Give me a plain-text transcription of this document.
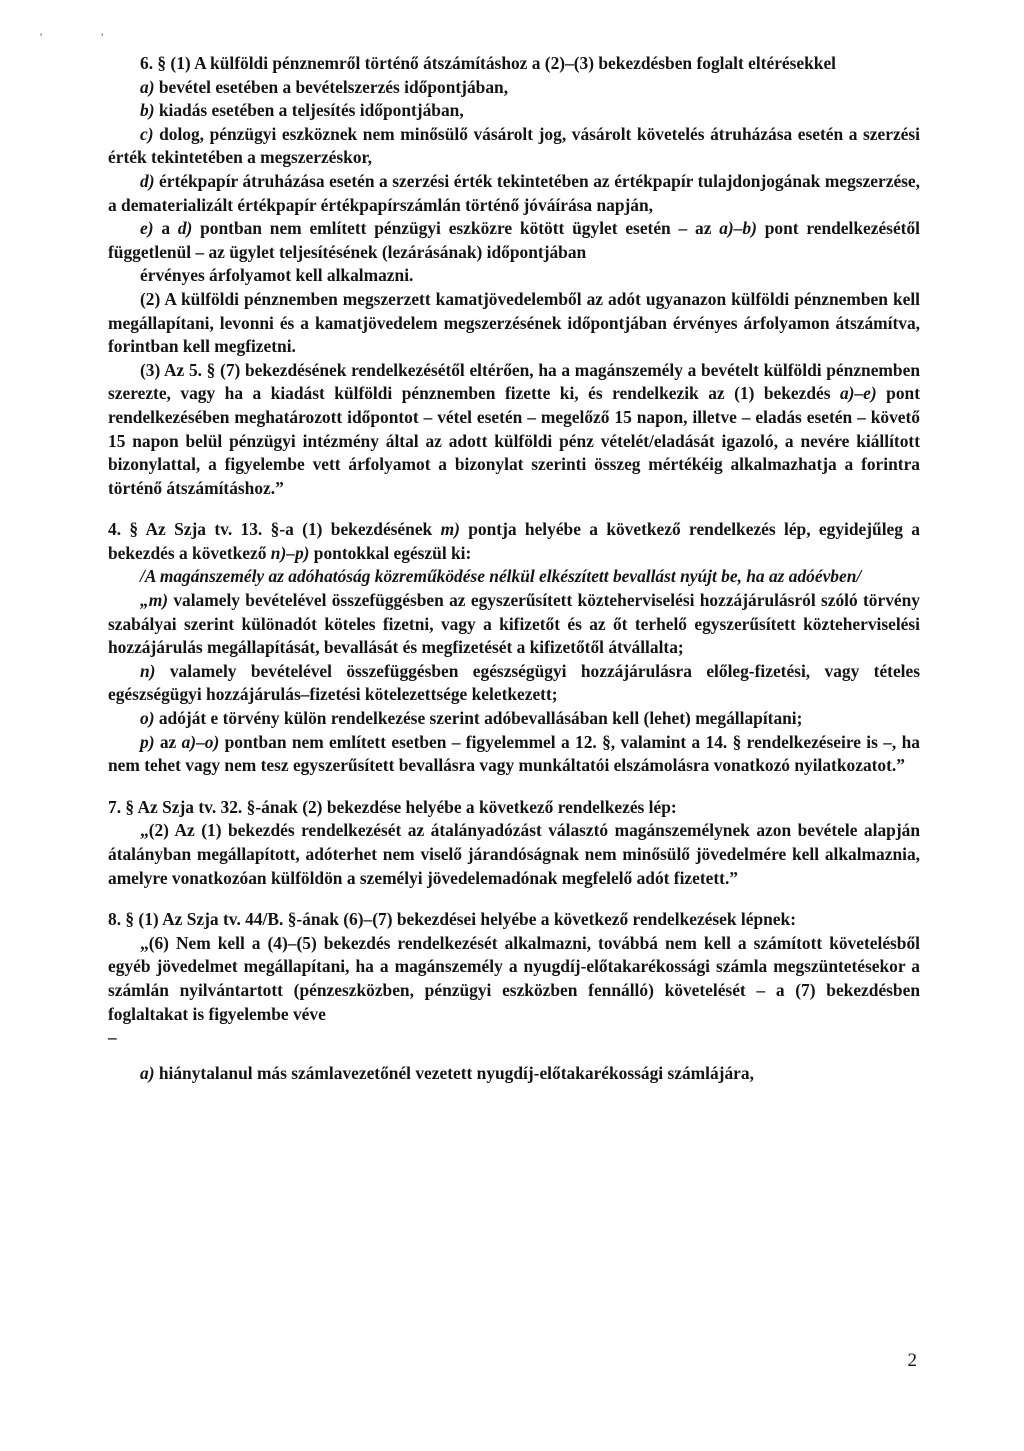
' '

6. § (1) A külföldi pénznemről történő átszámításhoz a (2)–(3) bekezdésben foglalt eltérésekkel

a) bevétel esetében a bevételszerzés időpontjában,

b) kiadás esetében a teljesítés időpontjában,

c) dolog, pénzügyi eszköznek nem minősülő vásárolt jog, vásárolt követelés átruházása esetén a szerzési érték tekintetében a megszerzéskor,

d) értékpapír átruházása esetén a szerzési érték tekintetében az értékpapír tulajdonjogának megszerzése, a dematerializált értékpapír értékpapírszámlán történő jóváírása napján,

e) a d) pontban nem említett pénzügyi eszközre kötött ügylet esetén – az a)–b) pont rendelkezésétől függetlenül – az ügylet teljesítésének (lezárásának) időpontjában

érvényes árfolyamot kell alkalmazni.

(2) A külföldi pénznemben megszerzett kamatjövedelemből az adót ugyanazon külföldi pénznemben kell megállapítani, levonni és a kamatjövedelem megszerzésének időpontjában érvényes árfolyamon átszámítva, forintban kell megfizetni.

(3) Az 5. § (7) bekezdésének rendelkezésétől eltérően, ha a magánszemély a bevételt külföldi pénznemben szerezte, vagy ha a kiadást külföldi pénznemben fizette ki, és rendelkezik az (1) bekezdés a)–e) pont rendelkezésében meghatározott időpontot – vétel esetén – megelőző 15 napon, illetve – eladás esetén – követő 15 napon belül pénzügyi intézmény által az adott külföldi pénz vételét/eladását igazoló, a nevére kiállított bizonylattal, a figyelembe vett árfolyamot a bizonylat szerinti összeg mértékéig alkalmazhatja a forintra történő átszámításhoz.”

4. § Az Szja tv. 13. §-a (1) bekezdésének m) pontja helyébe a következő rendelkezés lép, egyidejűleg a bekezdés a következő n)–p) pontokkal egészül ki:

/A magánszemély az adóhatóság közreműködése nélkül elkészített bevallást nyújt be, ha az adóévben/

„m) valamely bevételével összefüggésben az egyszerűsített közteherviselési hozzájárulásról szóló törvény szabályai szerint különadót köteles fizetni, vagy a kifizetőt és az őt terhelő egyszerűsített közteherviselési hozzájárulás megállapítását, bevallását és megfizetését a kifizetőtől átvállalta;

n) valamely bevételével összefüggésben egészségügyi hozzájárulásra előleg-fizetési, vagy tételes egészségügyi hozzájárulás–fizetési kötelezettsége keletkezett;

o) adóját e törvény külön rendelkezése szerint adóbevallásában kell (lehet) megállapítani;

p) az a)–o) pontban nem említett esetben – figyelemmel a 12. §, valamint a 14. § rendelkezéseire is –, ha nem tehet vagy nem tesz egyszerűsített bevallásra vagy munkáltatói elszámolásra vonatkozó nyilatkozatot.”

7. § Az Szja tv. 32. §-ának (2) bekezdése helyébe a következő rendelkezés lép:

„(2) Az (1) bekezdés rendelkezését az átalányadózást választó magánszemélynek azon bevétele alapján átalányban megállapított, adóterhet nem viselő járandóságnak nem minősülő jövedelmére kell alkalmaznia, amelyre vonatkozóan külföldön a személyi jövedelemadónak megfelelő adót fizetett.”

8. § (1) Az Szja tv. 44/B. §-ának (6)–(7) bekezdései helyébe a következő rendelkezések lépnek:

„(6) Nem kell a (4)–(5) bekezdés rendelkezését alkalmazni, továbbá nem kell a számított követelésből egyéb jövedelmet megállapítani, ha a magánszemély a nyugdíj-előtakarékossági számla megszüntetésekor a számlán nyilvántartott (pénzeszközben, pénzügyi eszközben fennálló) követelését – a (7) bekezdésben foglaltakat is figyelembe véve

–

a) hiánytalanul más számlavezetőnél vezetett nyugdíj-előtakarékossági számlájára,

2
